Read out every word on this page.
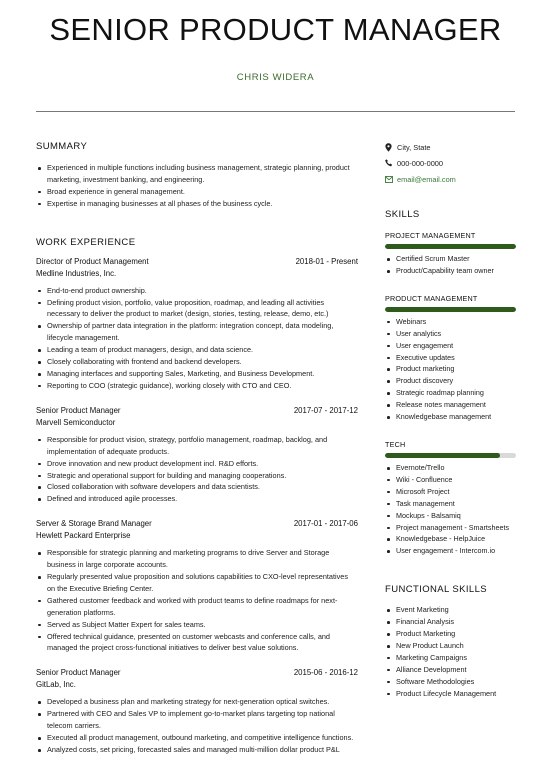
SENIOR PRODUCT MANAGER
CHRIS WIDERA
SUMMARY
Experienced in multiple functions including business management, strategic planning, product marketing, investment banking, and engineering.
Broad experience in general management.
Expertise in managing businesses at all phases of the business cycle.
WORK EXPERIENCE
Director of Product Management	2018-01 - Present
Medline Industries, Inc.
End-to-end product ownership.
Defining product vision, portfolio, value proposition, roadmap, and leading all activities necessary to deliver the product to market (design, stories, testing, release, demo, etc.)
Ownership of partner data integration in the platform: integration concept, data modeling, lifecycle management.
Leading a team of product managers, design, and data science.
Closely collaborating with frontend and backend developers.
Managing interfaces and supporting Sales, Marketing, and Business Development.
Reporting to COO (strategic guidance), working closely with CTO and CEO.
Senior Product Manager	2017-07 - 2017-12
Marvell Semiconductor
Responsible for product vision, strategy, portfolio management, roadmap, backlog, and implementation of adequate products.
Drove innovation and new product development incl. R&D efforts.
Strategic and operational support for building and managing cooperations.
Closed collaboration with software developers and data scientists.
Defined and introduced agile processes.
Server & Storage Brand Manager	2017-01 - 2017-06
Hewlett Packard Enterprise
Responsible for strategic planning and marketing programs to drive Server and Storage business in large corporate accounts.
Regularly presented value proposition and solutions capabilities to CXO-level representatives on the Executive Briefing Center.
Gathered customer feedback and worked with product teams to define roadmaps for next-generation platforms.
Served as Subject Matter Expert for sales teams.
Offered technical guidance, presented on customer webcasts and conference calls, and managed the project cross-functional initiatives to deliver best value solutions.
Senior Product Manager	2015-06 - 2016-12
GitLab, Inc.
Developed a business plan and marketing strategy for next-generation optical switches.
Partnered with CEO and Sales VP to implement go-to-market plans targeting top national telecom carriers.
Executed all product management, outbound marketing, and competitive intelligence functions.
Analyzed costs, set pricing, forecasted sales and managed multi-million dollar product P&L
City, State
000-000-0000
email@email.com
SKILLS
PROJECT MANAGEMENT
Certified Scrum Master
Product/Capability team owner
PRODUCT MANAGEMENT
Webinars
User analytics
User engagement
Executive updates
Product marketing
Product discovery
Strategic roadmap planning
Release notes management
Knowledgebase management
TECH
Evernote/Trello
Wiki - Confluence
Microsoft Project
Task management
Mockups - Balsamiq
Project management - Smartsheets
Knowledgebase - HelpJuice
User engagement - Intercom.io
FUNCTIONAL SKILLS
Event Marketing
Financial Analysis
Product Marketing
New Product Launch
Marketing Campaigns
Alliance Development
Software Methodologies
Product Lifecycle Management
